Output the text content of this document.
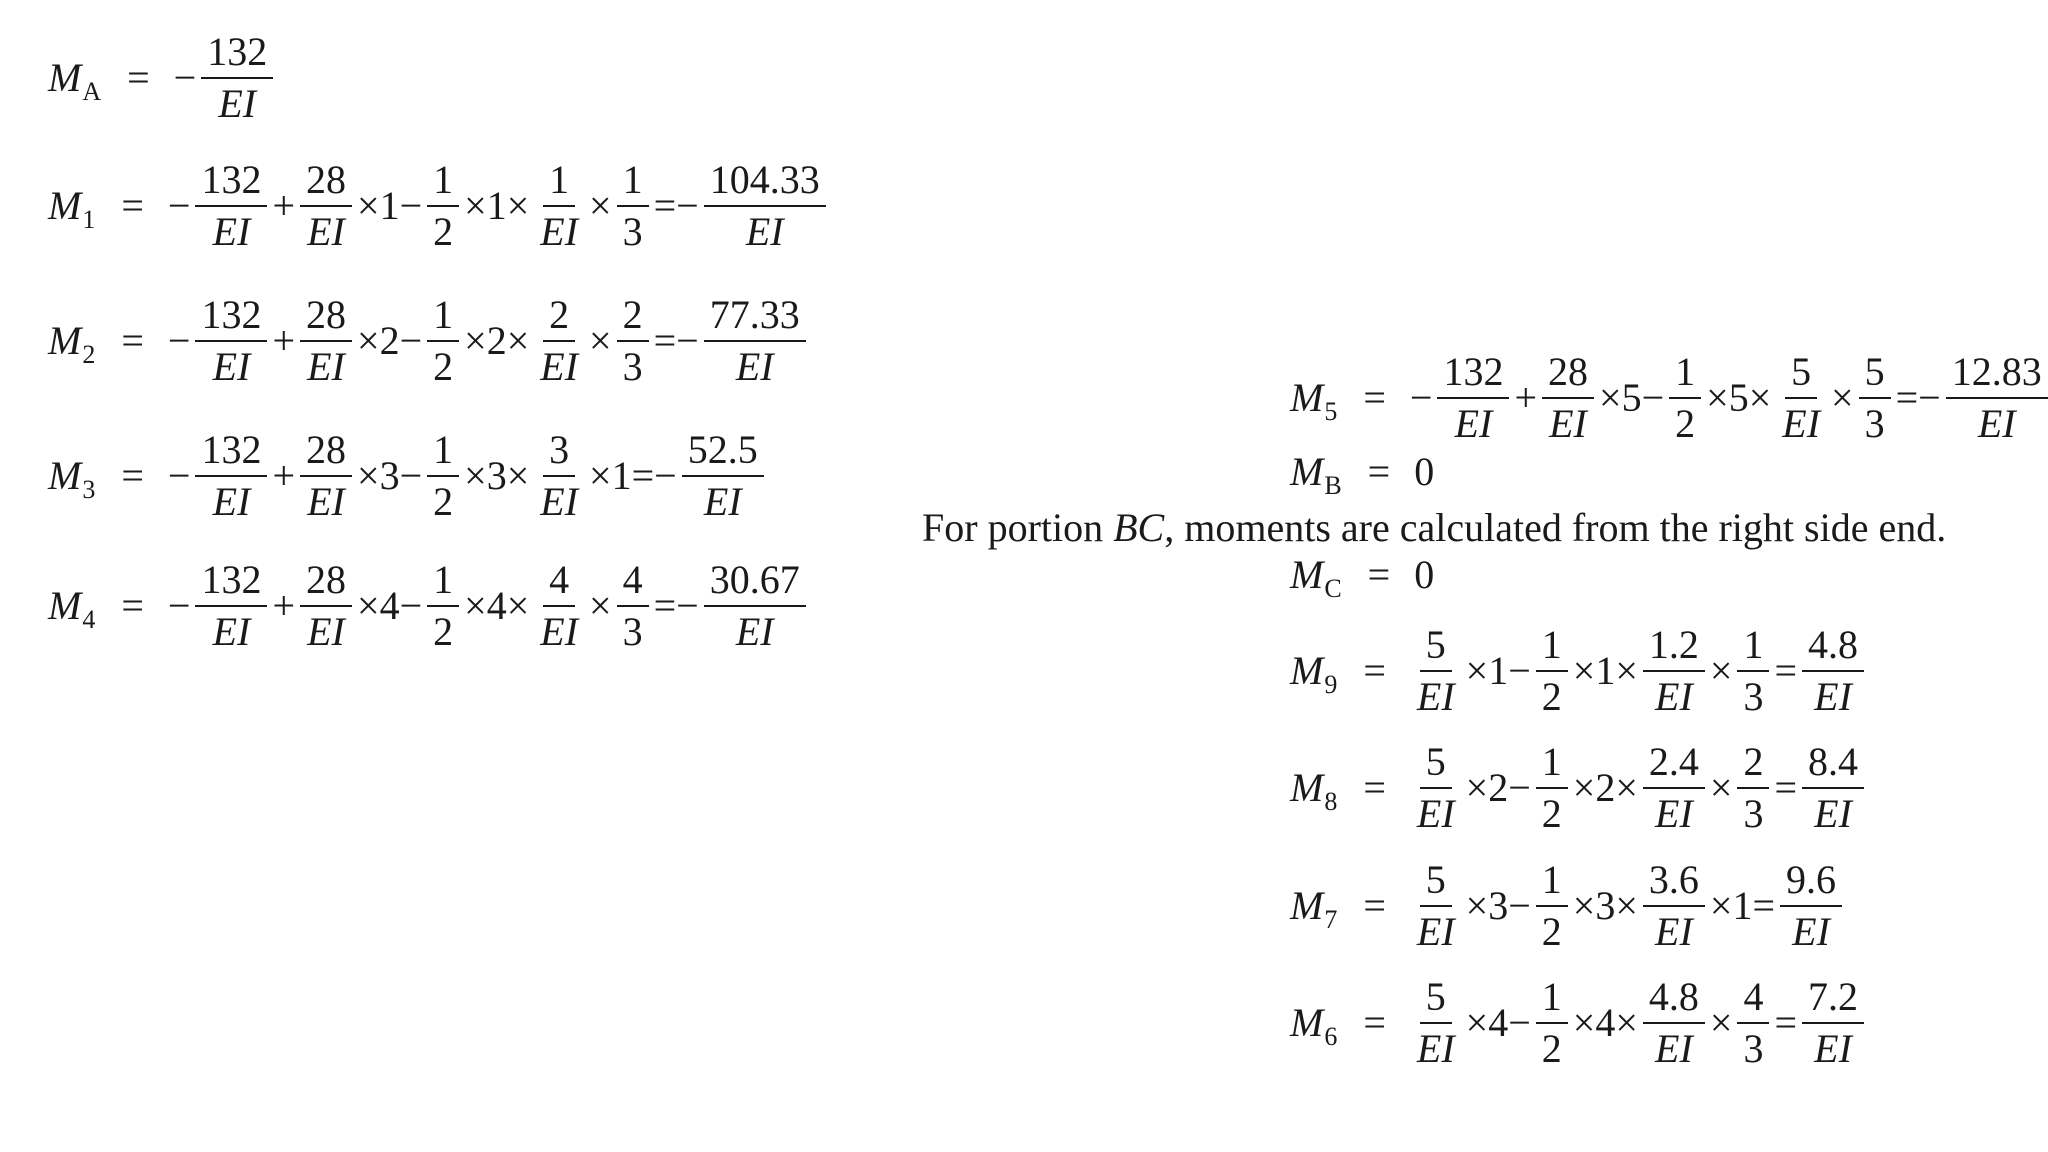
M A = − $\frac{132}{EI}$
M 1 = − $\frac{132}{EI} + \frac{28}{EI} \times 1- \frac{1}{2} \times 1\times \frac{1}{EI} \times \frac{1}{3} =- \frac{104.33}{EI}$
M 2 = − $\frac{132}{EI} + \frac{28}{EI} \times 2- \frac{1}{2} \times 2\times \frac{2}{EI} \times \frac{2}{3} =- \frac{77.33}{EI}$
M 3 = − $\frac{132}{EI} + \frac{28}{EI} \times 3- \frac{1}{2} \times 3\times \frac{3}{EI} \times 1=- \frac{52.5}{EI}$
M 4 = − $\frac{132}{EI} + \frac{28}{EI} \times 4- \frac{1}{2} \times 4\times \frac{4}{EI} \times \frac{4}{3} =- \frac{30.67}{EI}$
M 5 = − $\frac{132}{EI} + \frac{28}{EI} \times 5- \frac{1}{2} \times 5\times \frac{5}{EI} \times \frac{5}{3} =- \frac{12.83}{EI}$
M B = 0
For portion BC, moments are calculated from the right side end.
M C = 0
M $9 = \frac{5}{EI} \times 1- \frac{1}{2} \times 1\times \frac{1.2}{EI} \times \frac{1}{3} = \frac{4.8}{EI}$
M $8 = \frac{5}{EI} \times 2- \frac{1}{2} \times 2\times \frac{2.4}{EI} \times \frac{2}{3} = \frac{8.4}{EI}$
M $7 = \frac{5}{EI} \times 3- \frac{1}{2} \times 3\times \frac{3.6}{EI} \times 1= \frac{9.6}{EI}$
M $6 = \frac{5}{EI} \times 4- \frac{1}{2} \times 4\times \frac{4.8}{EI} \times \frac{4}{3} = \frac{7.2}{EI}$
